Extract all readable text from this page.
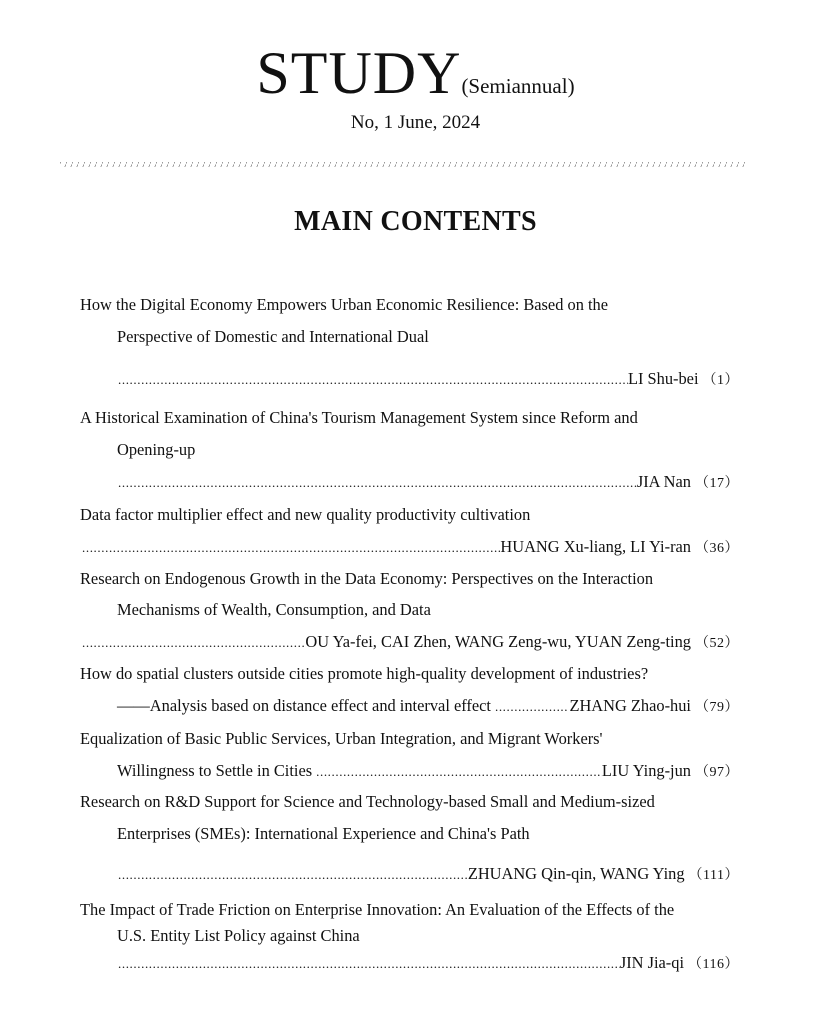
STUDY(Semiannual)
No, 1 June, 2024
MAIN CONTENTS
How the Digital Economy Empowers Urban Economic Resilience: Based on the
Perspective of Domestic and International Dual
.....
LI Shu-bei （1）
A Historical Examination of China's Tourism Management System since Reform and
Opening-up
.....
JIA Nan （17）
Data factor multiplier effect and new quality productivity cultivation
.....
HUANG Xu-liang, LI Yi-ran （36）
Research on Endogenous Growth in the Data Economy: Perspectives on the Interaction
Mechanisms of Wealth, Consumption, and Data
.....
OU Ya-fei, CAI Zhen, WANG Zeng-wu, YUAN Zeng-ting （52）
How do spatial clusters outside cities promote high-quality development of industries?
——Analysis based on distance effect and interval effect .....	ZHANG Zhao-hui （79）
Equalization of Basic Public Services, Urban Integration, and Migrant Workers'
Willingness to Settle in Cities .....	LIU Ying-jun （97）
Research on R&D Support for Science and Technology-based Small and Medium-sized
Enterprises (SMEs): International Experience and China's Path
.....
ZHUANG Qin-qin, WANG Ying （111）
The Impact of Trade Friction on Enterprise Innovation: An Evaluation of the Effects of the
U.S. Entity List Policy against China
.....
JIN Jia-qi （116）
